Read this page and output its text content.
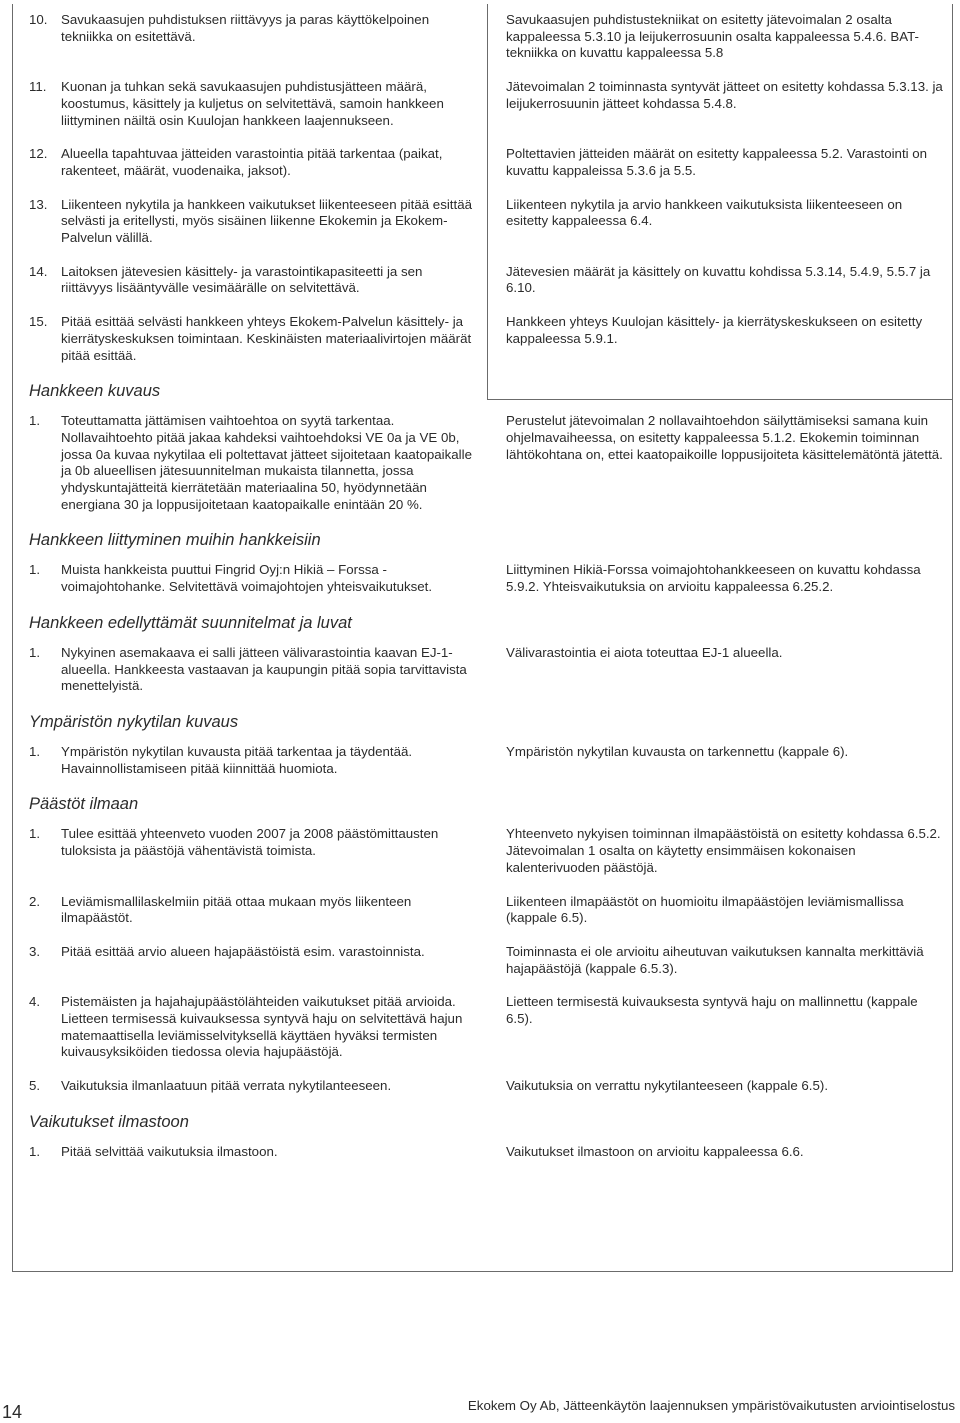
10.	Savukaasujen puhdistuksen riittävyys ja paras käyttökelpoinen tekniikka on esitettävä.
Savukaasujen puhdistustekniikat on esitetty jätevoimalan 2 osalta kappaleessa 5.3.10 ja leijukerrosuunin osalta kappaleessa 5.4.6. BAT-tekniikka on kuvattu kappaleessa 5.8
11.	Kuonan ja tuhkan sekä savukaasujen puhdistusjätteen määrä, koostumus, käsittely ja kuljetus on selvitettävä, samoin hankkeen liittyminen näiltä osin Kuulojan hankkeen laajennukseen.
Jätevoimalan 2 toiminnasta syntyvät jätteet on esitetty kohdassa 5.3.13. ja leijukerrosuunin jätteet kohdassa 5.4.8.
12.	Alueella tapahtuvaa jätteiden varastointia pitää tarkentaa (paikat, rakenteet, määrät, vuodenaika, jaksot).
Poltettavien jätteiden määrät on esitetty kappaleessa 5.2. Varastointi on kuvattu kappaleissa 5.3.6 ja 5.5.
13.	Liikenteen nykytila ja hankkeen vaikutukset liikenteeseen pitää esittää selvästi ja eritellysti, myös sisäinen liikenne Ekokemin ja Ekokem-Palvelun välillä.
Liikenteen nykytila ja arvio hankkeen vaikutuksista liikenteeseen on esitetty kappaleessa 6.4.
14.	Laitoksen jätevesien käsittely- ja varastointikapasiteetti ja sen riittävyys lisääntyvälle vesimäärälle on selvitettävä.
Jätevesien määrät ja käsittely on kuvattu kohdissa 5.3.14, 5.4.9, 5.5.7 ja 6.10.
15.	Pitää esittää selvästi hankkeen yhteys Ekokem-Palvelun käsittely- ja kierrätyskeskuksen toimintaan. Keskinäisten materiaalivirtojen määrät pitää esittää.
Hankkeen yhteys Kuulojan käsittely- ja kierrätyskeskukseen on esitetty kappaleessa 5.9.1.
Hankkeen kuvaus
1.	Toteuttamatta jättämisen vaihtoehtoa on syytä tarkentaa. Nollavaihtoehto pitää jakaa kahdeksi vaihtoehdoksi VE 0a ja VE 0b, jossa 0a kuvaa nykytilaa eli poltettavat jätteet sijoitetaan kaatopaikalle ja 0b alueellisen jätesuunnitelman mukaista tilannetta, jossa yhdyskuntajätteitä kierrätetään materiaalina 50, hyödynnetään energiana 30 ja loppusijoitetaan kaatopaikalle enintään 20 %.
Perustelut jätevoimalan 2 nollavaihtoehdon säilyttämiseksi samana kuin ohjelmavaiheessa, on esitetty kappaleessa 5.1.2. Ekokemin toiminnan lähtökohtana on, ettei kaatopaikoille loppusijoiteta käsittelemätöntä jätettä.
Hankkeen liittyminen muihin hankkeisiin
1.	Muista hankkeista puuttui Fingrid Oyj:n Hikiä – Forssa -voimajohtohanke. Selvitettävä voimajohtojen yhteisvaikutukset.
Liittyminen Hikiä-Forssa voimajohtohankkeeseen on kuvattu kohdassa 5.9.2. Yhteisvaikutuksia on arvioitu kappaleessa 6.25.2.
Hankkeen edellyttämät suunnitelmat ja luvat
1.	Nykyinen asemakaava ei salli jätteen välivarastointia kaavan EJ-1-alueella. Hankkeesta vastaavan ja kaupungin pitää sopia tarvittavista menettelyistä.
Välivarastointia ei aiota toteuttaa EJ-1 alueella.
Ympäristön nykytilan kuvaus
1.	Ympäristön nykytilan kuvausta pitää tarkentaa ja täydentää. Havainnollistamiseen pitää kiinnittää huomiota.
Ympäristön nykytilan kuvausta on tarkennettu (kappale 6).
Päästöt ilmaan
1.	Tulee esittää yhteenveto vuoden 2007 ja 2008 päästömittausten tuloksista ja päästöjä vähentävistä toimista.
Yhteenveto nykyisen toiminnan ilmapäästöistä on esitetty kohdassa 6.5.2. Jätevoimalan 1 osalta on käytetty ensimmäisen kokonaisen kalenterivuoden päästöjä.
2.	Leviämismallilaskelmiin pitää ottaa mukaan myös liikenteen ilmapäästöt.
Liikenteen ilmapäästöt on huomioitu ilmapäästöjen leviämismallissa (kappale 6.5).
3.	Pitää esittää arvio alueen hajapäästöistä esim. varastoinnista.	Toiminnasta ei ole arvioitu aiheutuvan vaikutuksen kannalta merkittäviä hajapäästöjä (kappale 6.5.3).
4.	Pistemäisten ja hajahajupäästölähteiden vaikutukset pitää arvioida. Lietteen termisessä kuivauksessa syntyvä haju on selvitettävä hajun matemaattisella leviämisselvityksellä käyttäen hyväksi termisten kuivausyksiköiden tiedossa olevia hajupäästöjä.
Lietteen termisestä kuivauksesta syntyvä haju on mallinnettu (kappale 6.5).
5.	Vaikutuksia ilmanlaatuun pitää verrata nykytilanteeseen.	Vaikutuksia on verrattu nykytilanteeseen (kappale 6.5).
Vaikutukset ilmastoon
1.	Pitää selvittää vaikutuksia ilmastoon.	Vaikutukset ilmastoon on arvioitu kappaleessa 6.6.
14	Ekokem Oy Ab, Jätteenkäytön laajennuksen ympäristövaikutusten arviointiselostus
